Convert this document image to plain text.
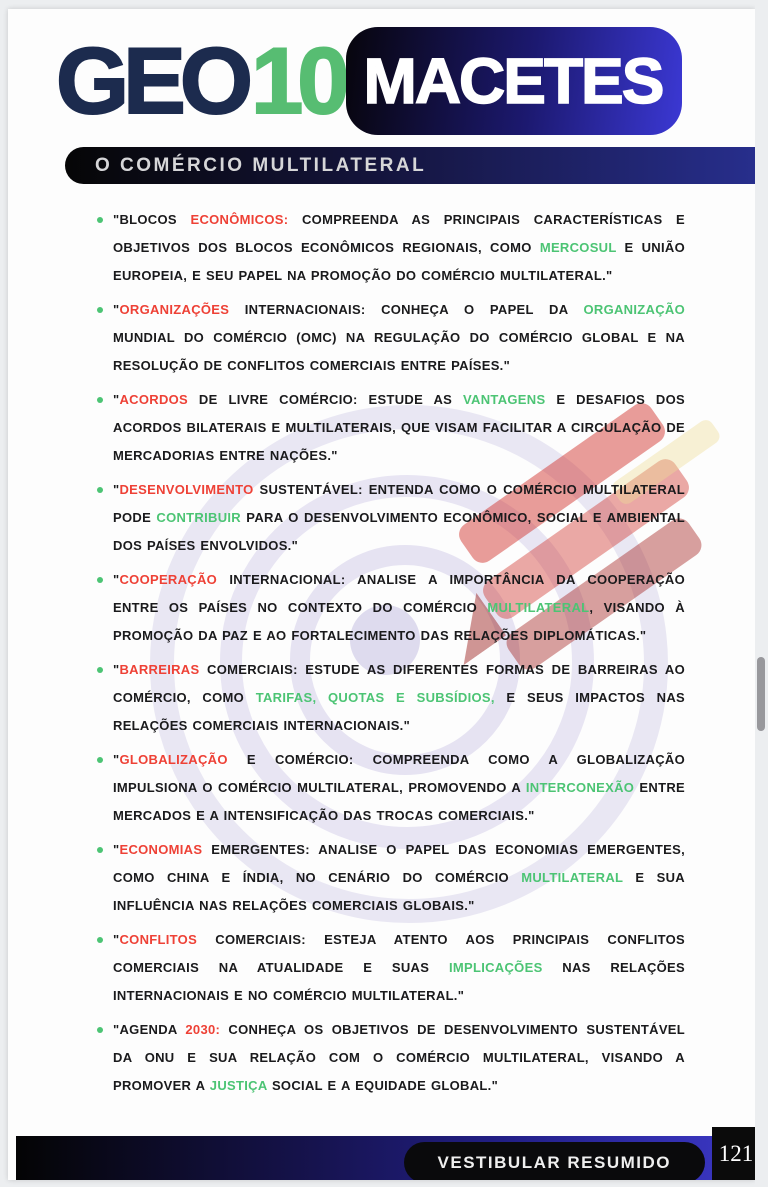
GEO 10 MACETES
O COMÉRCIO MULTILATERAL

"BLOCOS ECONÔMICOS: COMPREENDA AS PRINCIPAIS CARACTERÍSTICAS E OBJETIVOS DOS BLOCOS ECONÔMICOS REGIONAIS, COMO MERCOSUL E UNIÃO EUROPEIA, E SEU PAPEL NA PROMOÇÃO DO COMÉRCIO MULTILATERAL."

"ORGANIZAÇÕES INTERNACIONAIS: CONHEÇA O PAPEL DA ORGANIZAÇÃO MUNDIAL DO COMÉRCIO (OMC) NA REGULAÇÃO DO COMÉRCIO GLOBAL E NA RESOLUÇÃO DE CONFLITOS COMERCIAIS ENTRE PAÍSES."

"ACORDOS DE LIVRE COMÉRCIO: ESTUDE AS VANTAGENS E DESAFIOS DOS ACORDOS BILATERAIS E MULTILATERAIS, QUE VISAM FACILITAR A CIRCULAÇÃO DE MERCADORIAS ENTRE NAÇÕES."

"DESENVOLVIMENTO SUSTENTÁVEL: ENTENDA COMO O COMÉRCIO MULTILATERAL PODE CONTRIBUIR PARA O DESENVOLVIMENTO ECONÔMICO, SOCIAL E AMBIENTAL DOS PAÍSES ENVOLVIDOS."

"COOPERAÇÃO INTERNACIONAL: ANALISE A IMPORTÂNCIA DA COOPERAÇÃO ENTRE OS PAÍSES NO CONTEXTO DO COMÉRCIO MULTILATERAL, VISANDO À PROMOÇÃO DA PAZ E AO FORTALECIMENTO DAS RELAÇÕES DIPLOMÁTICAS."

"BARREIRAS COMERCIAIS: ESTUDE AS DIFERENTES FORMAS DE BARREIRAS AO COMÉRCIO, COMO TARIFAS, QUOTAS E SUBSÍDIOS, E SEUS IMPACTOS NAS RELAÇÕES COMERCIAIS INTERNACIONAIS."

"GLOBALIZAÇÃO E COMÉRCIO: COMPREENDA COMO A GLOBALIZAÇÃO IMPULSIONA O COMÉRCIO MULTILATERAL, PROMOVENDO A INTERCONEXÃO ENTRE MERCADOS E A INTENSIFICAÇÃO DAS TROCAS COMERCIAIS."

"ECONOMIAS EMERGENTES: ANALISE O PAPEL DAS ECONOMIAS EMERGENTES, COMO CHINA E ÍNDIA, NO CENÁRIO DO COMÉRCIO MULTILATERAL E SUA INFLUÊNCIA NAS RELAÇÕES COMERCIAIS GLOBAIS."

"CONFLITOS COMERCIAIS: ESTEJA ATENTO AOS PRINCIPAIS CONFLITOS COMERCIAIS NA ATUALIDADE E SUAS IMPLICAÇÕES NAS RELAÇÕES INTERNACIONAIS E NO COMÉRCIO MULTILATERAL."

"AGENDA 2030: CONHEÇA OS OBJETIVOS DE DESENVOLVIMENTO SUSTENTÁVEL DA ONU E SUA RELAÇÃO COM O COMÉRCIO MULTILATERAL, VISANDO A PROMOVER A JUSTIÇA SOCIAL E A EQUIDADE GLOBAL."

VESTIBULAR RESUMIDO 121
